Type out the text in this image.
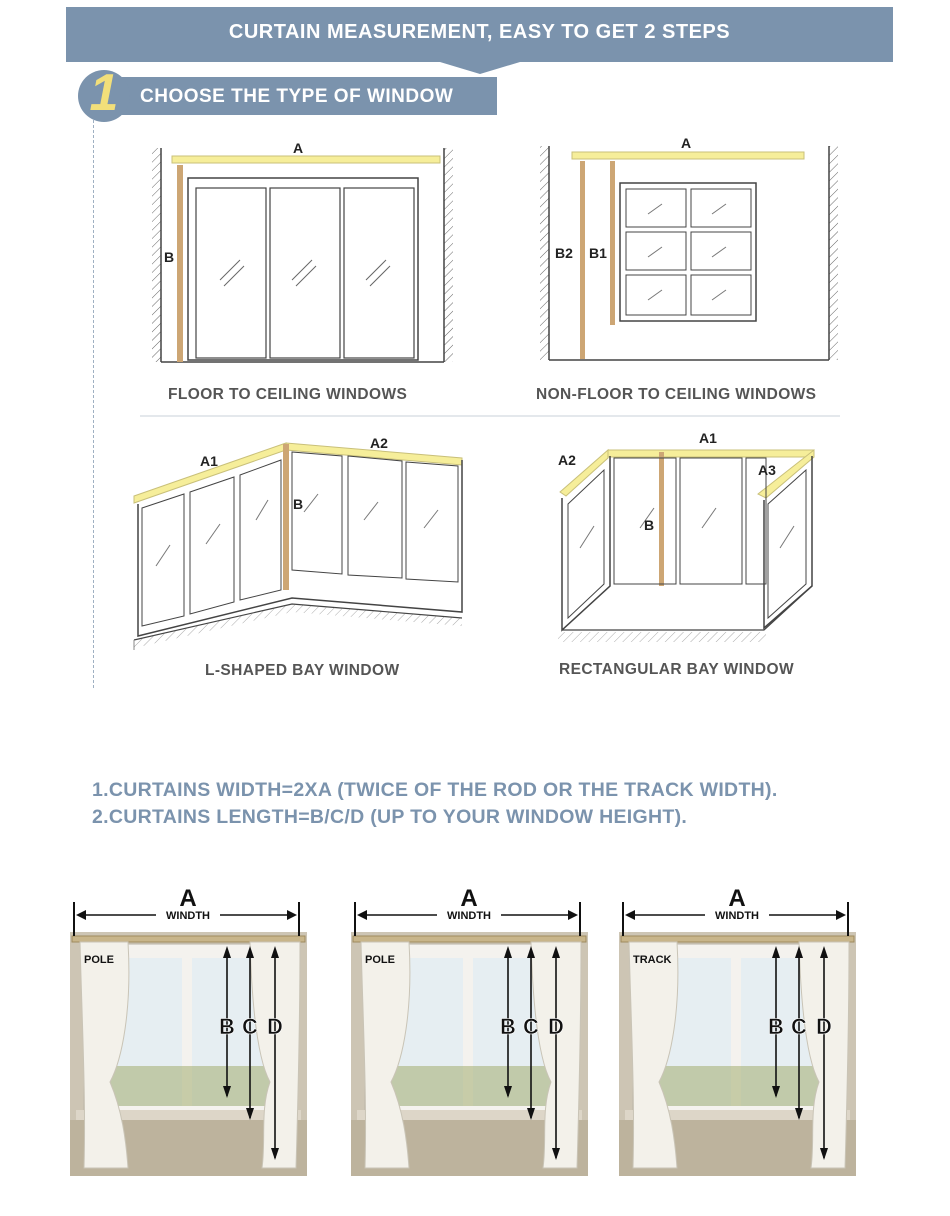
CURTAIN MEASUREMENT, EASY TO GET 2 STEPS
1	CHOOSE THE TYPE OF WINDOW
A
B
A
B2 B1
A1
A2
B
A1
A2
A3
B
FLOOR TO CEILING WINDOWS	NON-FLOOR TO CEILING WINDOWS
L-SHAPED BAY WINDOW	RECTANGULAR BAY WINDOW
1.CURTAINS WIDTH=2XA (TWICE OF THE ROD OR THE TRACK WIDTH).
2.CURTAINS LENGTH=B/C/D (UP TO YOUR WINDOW HEIGHT).
A
WINDTH
POLE
B C D
A
WINDTH
POLE
B C D
A
WINDTH
TRACK
B C D
